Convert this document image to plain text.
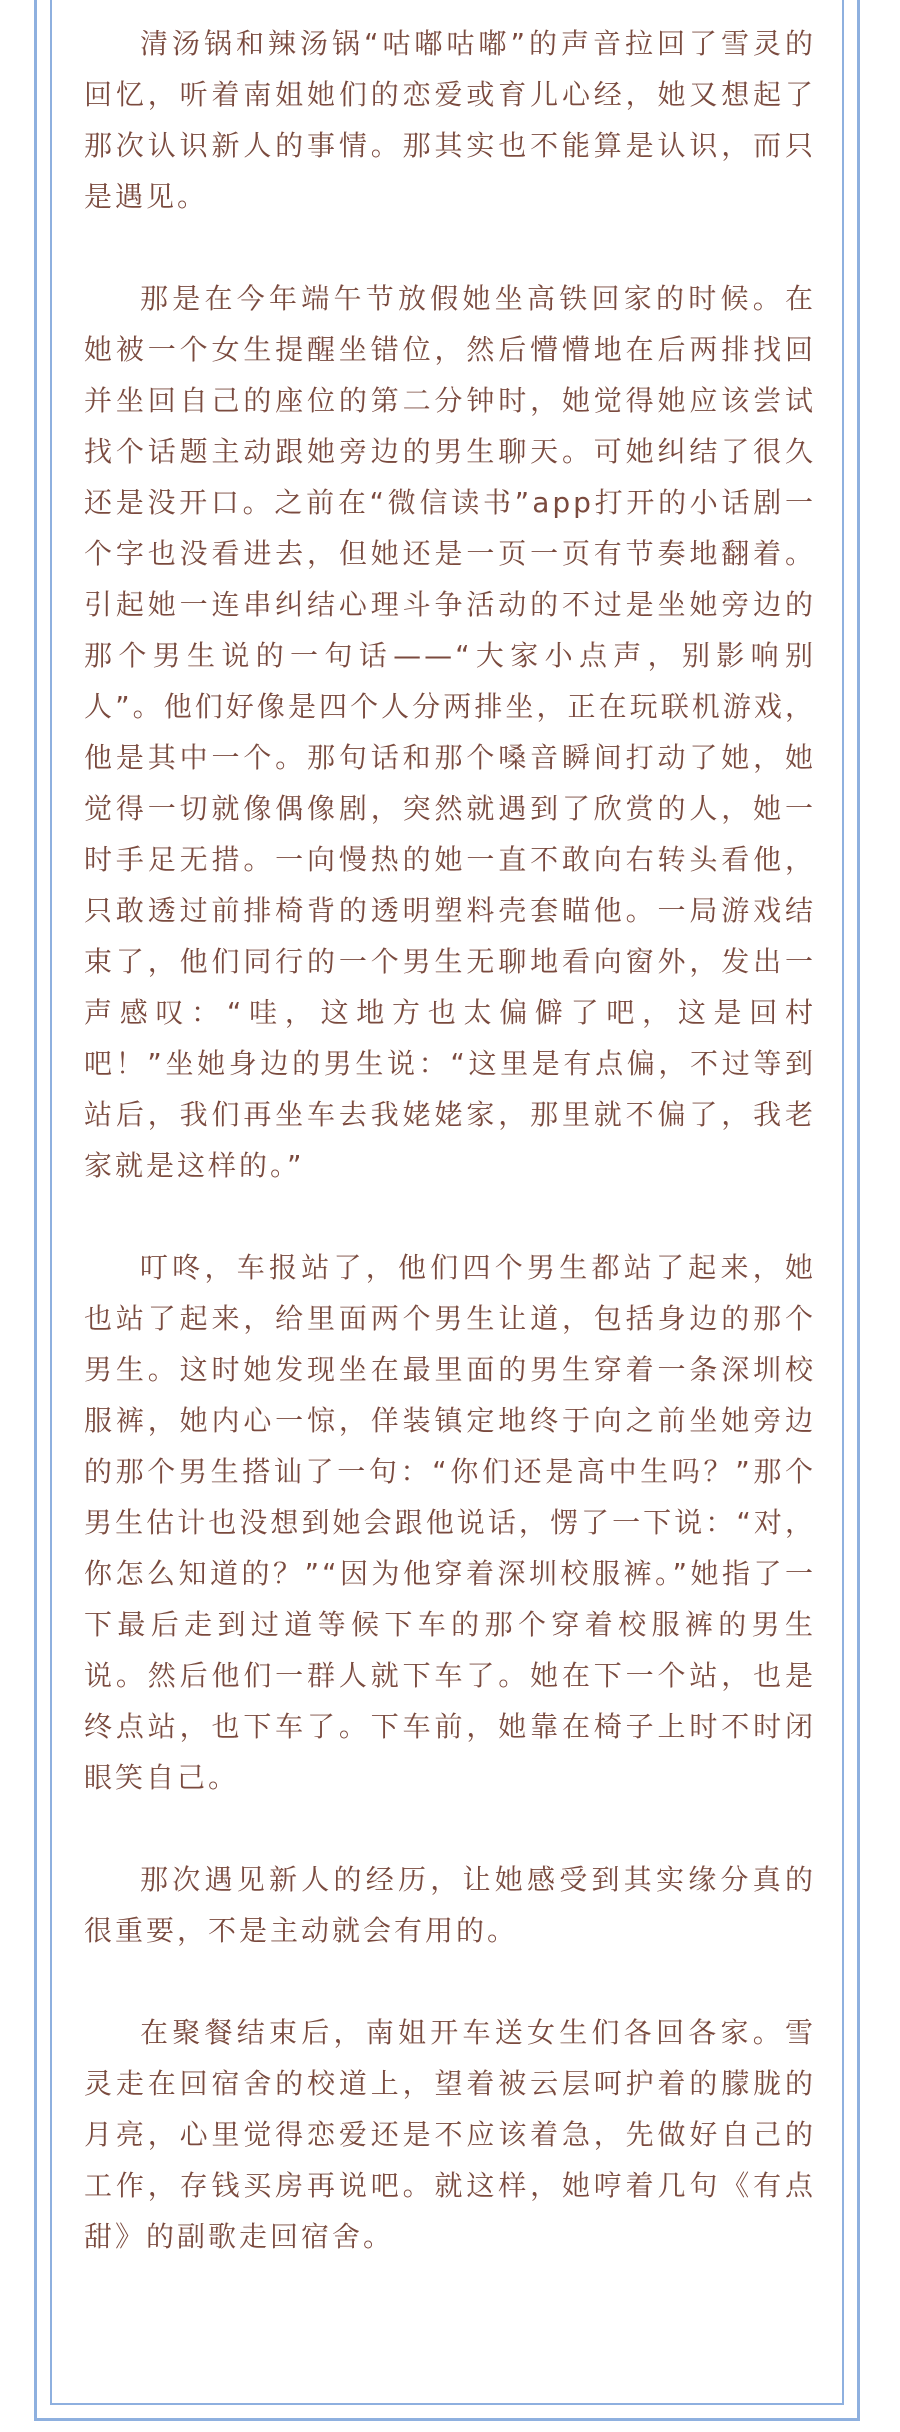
清汤锅和辣汤锅“咕嘟咕嘟”的声音拉回了雪灵的回忆，听着南姐她们的恋爱或育儿心经，她又想起了那次认识新人的事情。那其实也不能算是认识，而只是遇见。

那是在今年端午节放假她坐高铁回家的时候。在她被一个女生提醒坐错位，然后懵懵地在后两排找回并坐回自己的座位的第二分钟时，她觉得她应该尝试找个话题主动跟她旁边的男生聊天。可她纠结了很久还是没开口。之前在“微信读书”app打开的小话剧一个字也没看进去，但她还是一页一页有节奏地翻着。引起她一连串纠结心理斗争活动的不过是坐她旁边的那个男生说的一句话——“大家小点声，别影响别人”。他们好像是四个人分两排坐，正在玩联机游戏，他是其中一个。那句话和那个嗓音瞬间打动了她，她觉得一切就像偶像剧，突然就遇到了欣赏的人，她一时手足无措。一向慢热的她一直不敢向右转头看他，只敢透过前排椅背的透明塑料壳套瞄他。一局游戏结束了，他们同行的一个男生无聊地看向窗外，发出一声感叹：“哇，这地方也太偏僻了吧，这是回村吧！”坐她身边的男生说：“这里是有点偏，不过等到站后，我们再坐车去我姥姥家，那里就不偏了，我老家就是这样的。”

叮咚，车报站了，他们四个男生都站了起来，她也站了起来，给里面两个男生让道，包括身边的那个男生。这时她发现坐在最里面的男生穿着一条深圳校服裤，她内心一惊，佯装镇定地终于向之前坐她旁边的那个男生搭讪了一句：“你们还是高中生吗？”那个男生估计也没想到她会跟他说话，愣了一下说：“对，你怎么知道的？”“因为他穿着深圳校服裤。”她指了一下最后走到过道等候下车的那个穿着校服裤的男生说。然后他们一群人就下车了。她在下一个站，也是终点站，也下车了。下车前，她靠在椅子上时不时闭眼笑自己。

那次遇见新人的经历，让她感受到其实缘分真的很重要，不是主动就会有用的。

在聚餐结束后，南姐开车送女生们各回各家。雪灵走在回宿舍的校道上，望着被云层呵护着的朦胧的月亮，心里觉得恋爱还是不应该着急，先做好自己的工作，存钱买房再说吧。就这样，她哼着几句《有点甜》的副歌走回宿舍。
